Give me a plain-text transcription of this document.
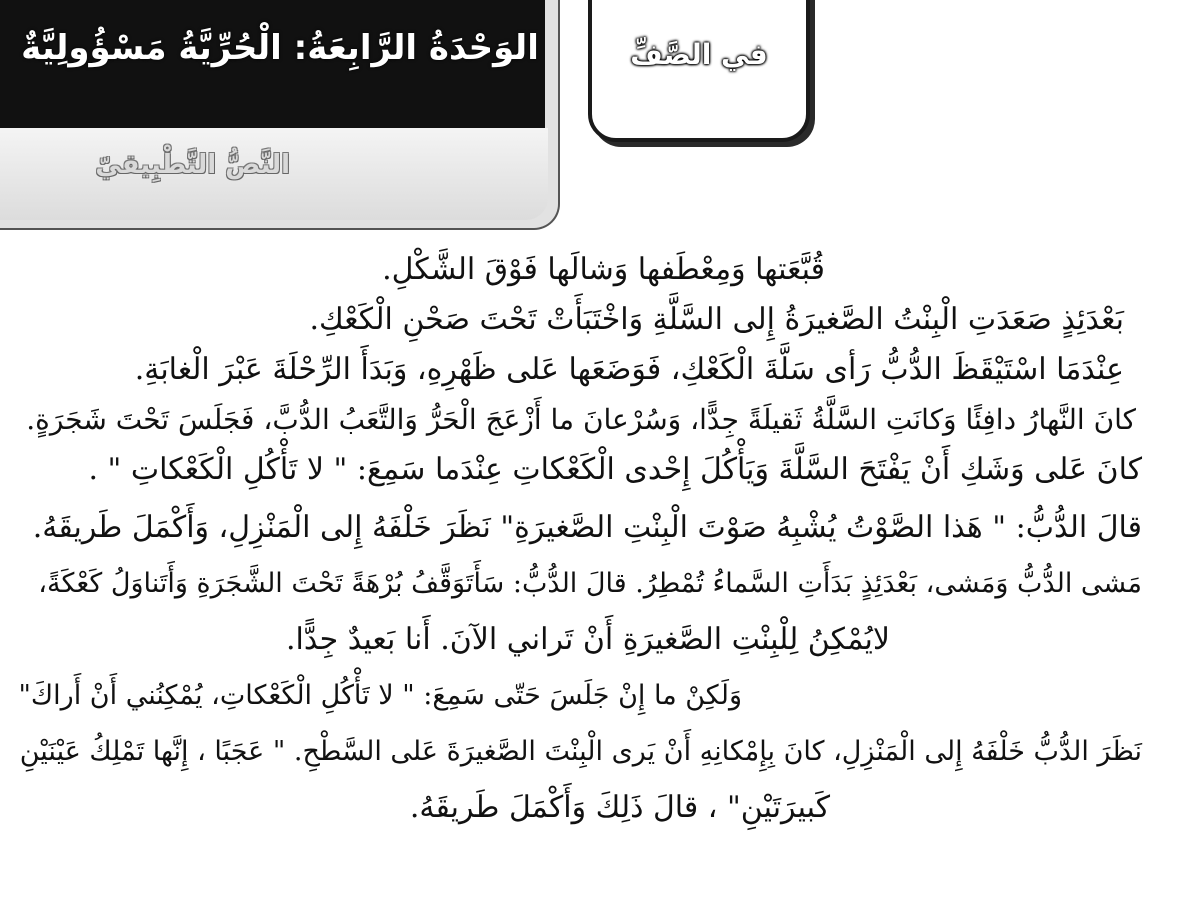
الوَحْدَةُ الرَّابِعَةُ: الْحُرِّيَّةُ مَسْؤُولِيَّةٌ
النَّصُّ التَّطْبِيقيّ
في الصَّفِّ
قُبَّعَتها وَمِعْطَفها وَشالَها فَوْقَ الشَّكْلِ.
بَعْدَئِذٍ صَعَدَتِ الْبِنْتُ الصَّغيرَةُ إِلى السَّلَّةِ وَاخْتَبَأَتْ تَحْتَ صَحْنِ الْكَعْكِ.
عِنْدَمَا اسْتَيْقَظَ الدُّبُّ رَأى سَلَّةَ الْكَعْكِ، فَوَضَعَها عَلى ظَهْرِهِ، وَبَدَأَ الرِّحْلَةَ عَبْرَ الْغابَةِ.
كانَ النَّهارُ دافِئًا وَكانَتِ السَّلَّةُ ثَقيلَةً جِدًّا، وَسُرْعانَ ما أَزْعَجَ الْحَرُّ وَالتَّعَبُ الدُّبَّ، فَجَلَسَ تَحْتَ شَجَرَةٍ.
كانَ عَلى وَشَكِ أَنْ يَفْتَحَ السَّلَّةَ وَيَأْكُلَ إِحْدى الْكَعْكاتِ عِنْدَما سَمِعَ: " لا تَأْكُلِ الْكَعْكاتِ " .
قالَ الدُّبُّ: " هَذا الصَّوْتُ يُشْبِهُ صَوْتَ الْبِنْتِ الصَّغيرَةِ" نَظَرَ خَلْفَهُ إِلى الْمَنْزِلِ، وَأَكْمَلَ طَريقَهُ.
مَشى الدُّبُّ وَمَشى، بَعْدَئِذٍ بَدَأَتِ السَّماءُ تُمْطِرُ. قالَ الدُّبُّ: سَأَتَوَقَّفُ بُرْهَةً تَحْتَ الشَّجَرَةِ وَأَتَناوَلُ كَعْكَةً،
لايُمْكِنُ لِلْبِنْتِ الصَّغيرَةِ أَنْ تَراني الآنَ. أَنا بَعيدٌ جِدًّا.
وَلَكِنْ ما إِنْ جَلَسَ حَتّى سَمِعَ: " لا تَأْكُلِ الْكَعْكاتِ، يُمْكِنُني أَنْ أَراكَ"
نَظَرَ الدُّبُّ خَلْفَهُ إِلى الْمَنْزِلِ، كانَ بِإِمْكانِهِ أَنْ يَرى الْبِنْتَ الصَّغيرَةَ عَلى السَّطْحِ. " عَجَبًا ، إِنَّها تَمْلِكُ عَيْنَيْنِ
كَبيرَتَيْنِ" ، قالَ ذَلِكَ وَأَكْمَلَ طَريقَهُ.
